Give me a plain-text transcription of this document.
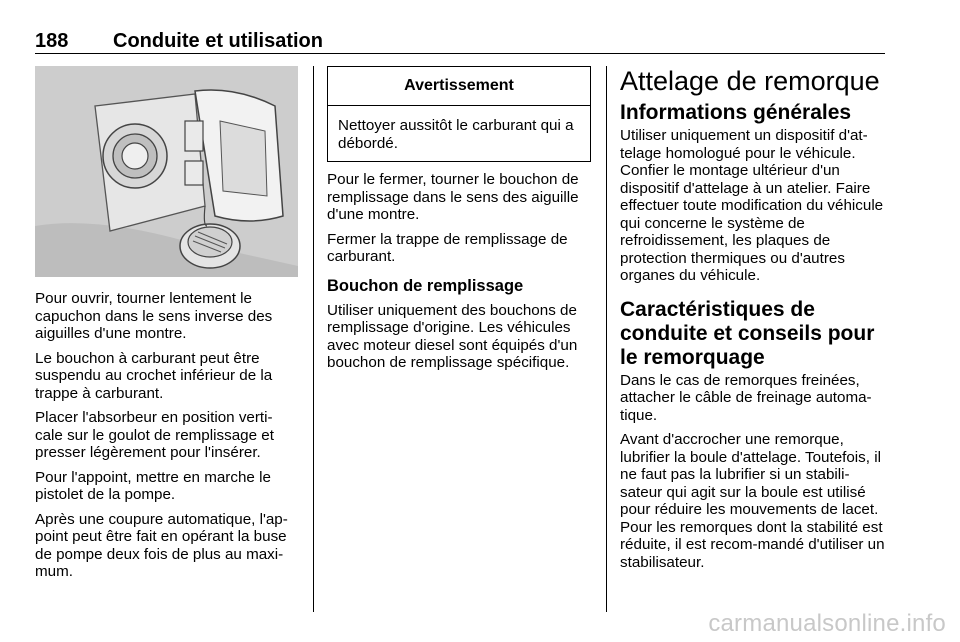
188 Conduite et utilisation

Pour ouvrir, tourner lentement le capuchon dans le sens inverse des aiguilles d'une montre.

Le bouchon à carburant peut être suspendu au crochet inférieur de la trappe à carburant.

Placer l'absorbeur en position verti-cale sur le goulot de remplissage et presser légèrement pour l'insérer.

Pour l'appoint, mettre en marche le pistolet de la pompe.

Après une coupure automatique, l'ap-point peut être fait en opérant la buse de pompe deux fois de plus au maxi-mum.

Avertissement
Nettoyer aussitôt le carburant qui a débordé.

Pour le fermer, tourner le bouchon de remplissage dans le sens des aiguille d'une montre.

Fermer la trappe de remplissage de carburant.

Bouchon de remplissage

Utiliser uniquement des bouchons de remplissage d'origine. Les véhicules avec moteur diesel sont équipés d'un bouchon de remplissage spécifique.

Attelage de remorque
Informations générales

Utiliser uniquement un dispositif d'at-telage homologué pour le véhicule. Confier le montage ultérieur d'un dispositif d'attelage à un atelier. Faire effectuer toute modification du véhicule qui concerne le système de refroidissement, les plaques de protection thermiques ou d'autres organes du véhicule.

Caractéristiques de conduite et conseils pour le remorquage

Dans le cas de remorques freinées, attacher le câble de freinage automa-tique.

Avant d'accrocher une remorque, lubrifier la boule d'attelage. Toutefois, il ne faut pas la lubrifier si un stabili-sateur qui agit sur la boule est utilisé pour réduire les mouvements de lacet. Pour les remorques dont la stabilité est réduite, il est recom-mandé d'utiliser un stabilisateur.

carmanualsonline.info
